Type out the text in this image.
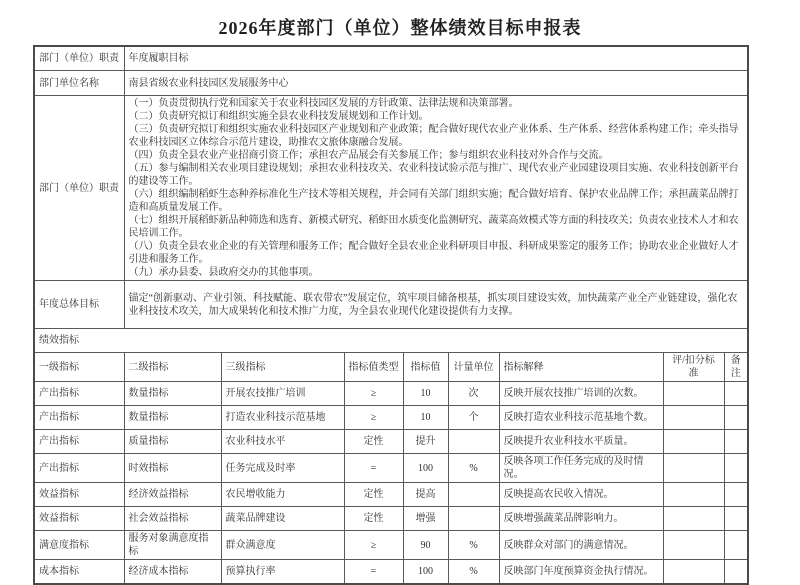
2026年度部门（单位）整体绩效目标申报表
部门（单位）职责	年度履职目标							
部门单位名称	南县省级农业科技园区发展服务中心							
部门（单位）职责	
（一）负责贯彻执行党和国家关于农业科技园区发展的方针政策、法律法规和决策部署。
（二）负责研究拟订和组织实施全县农业科技发展规划和工作计划。
（三）负责研究拟订和组织实施农业科技园区产业规划和产业政策；配合做好现代农业产业体系、生产体系、经营体系构建工作；牵头指导农业科技园区立体综合示范片建设，助推农文旅体康融合发展。
（四）负责全县农业产业招商引资工作；承担农产品展会有关参展工作；参与组织农业科技对外合作与交流。
（五）参与编制相关农业项目建设规划；承担农业科技攻关、农业科技试验示范与推广、现代农业产业园建设项目实施、农业科技创新平台的建设等工作。
（六）组织编制稻虾生态种养标准化生产技术等相关规程，并会同有关部门组织实施；配合做好培育、保护农业品牌工作；承担蔬菜品牌打造和高质量发展工作。
（七）组织开展稻虾新品种筛选和选育、新模式研究、稻虾田水质变化监测研究、蔬菜高效模式等方面的科技攻关；负责农业技术人才和农民培训工作。
（八）负责全县农业企业的有关管理和服务工作；配合做好全县农业企业科研项目申报、科研成果鉴定的服务工作；协助农业企业做好人才引进和服务工作。
（九）承办县委、县政府交办的其他事项。

年度总体目标	锚定“创新驱动、产业引领、科技赋能、联农带农”发展定位，筑牢项目储备根基，抓实项目建设实效，加快蔬菜产业全产业链建设，强化农业科技技术攻关，加大成果转化和技术推广力度，为全县农业现代化建设提供有力支撑。							
绩效指标								
一级指标	二级指标	三级指标	指标值类型	指标值	计量单位	指标解释	评/扣分标准	备注
产出指标	数量指标	开展农技推广培训	≥	10	次	反映开展农技推广培训的次数。		
产出指标	数量指标	打造农业科技示范基地	≥	10	个	反映打造农业科技示范基地个数。		
产出指标	质量指标	农业科技水平	定性	提升		反映提升农业科技水平质量。		
产出指标	时效指标	任务完成及时率	=	100	%	反映各项工作任务完成的及时情况。		
效益指标	经济效益指标	农民增收能力	定性	提高		反映提高农民收入情况。		
效益指标	社会效益指标	蔬菜品牌建设	定性	增强		反映增强蔬菜品牌影响力。		
满意度指标	服务对象满意度指标	群众满意度	≥	90	%	反映群众对部门的满意情况。		
成本指标	经济成本指标	预算执行率	=	100	%	反映部门年度预算资金执行情况。		
